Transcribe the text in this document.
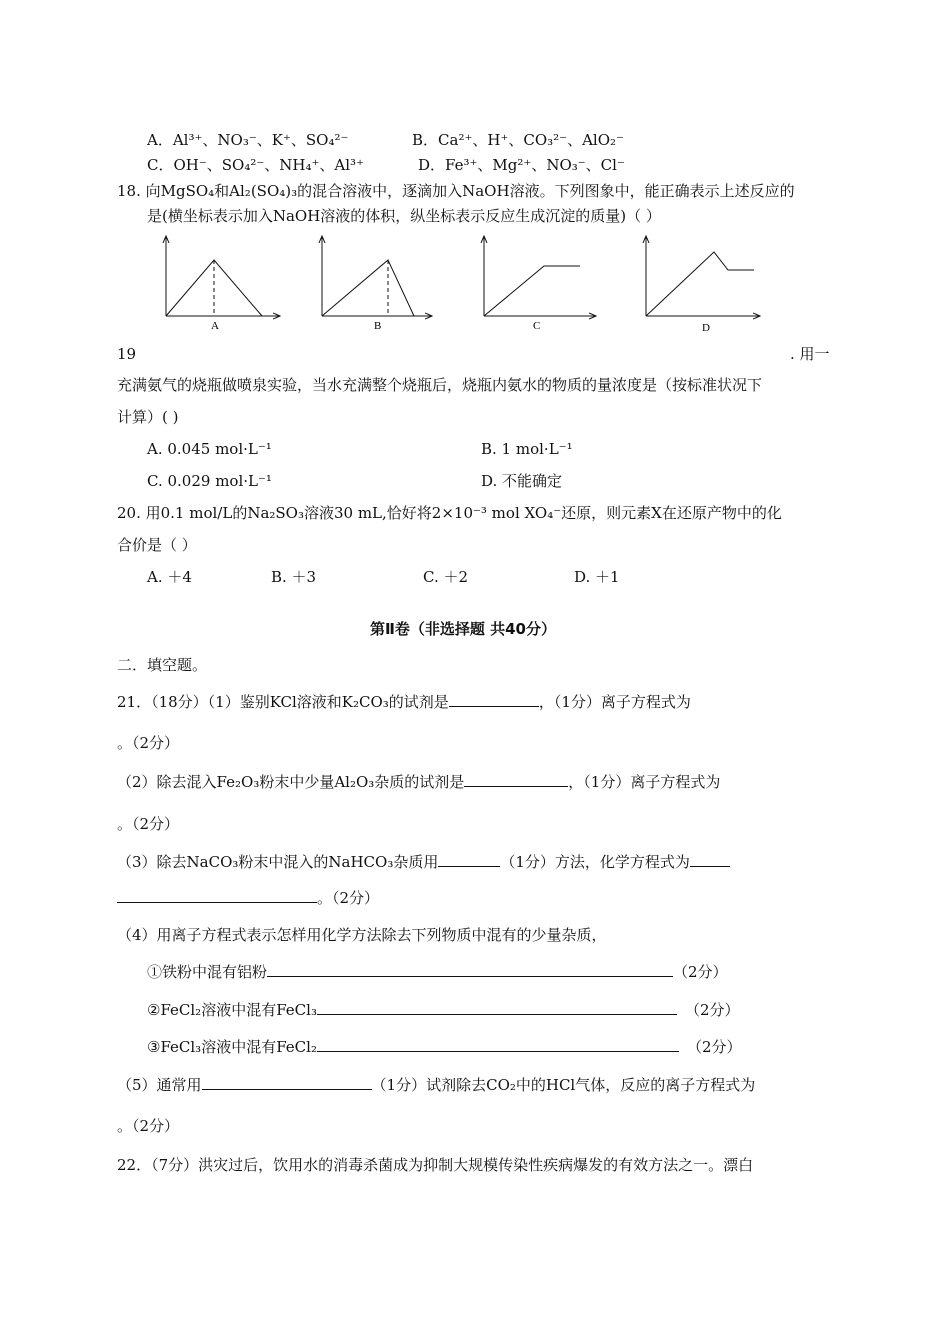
A．Al³⁺、NO₃⁻、K⁺、SO₄²⁻	B．Ca²⁺、H⁺、CO₃²⁻、AlO₂⁻
C．OH⁻、SO₄²⁻、NH₄⁺、Al³⁺	D．Fe³⁺、Mg²⁺、NO₃⁻、Cl⁻
18. 向MgSO₄和Al₂(SO₄)₃的混合溶液中，逐滴加入NaOH溶液。下列图象中，能正确表示上述反应的
是(横坐标表示加入NaOH溶液的体积，纵坐标表示反应生成沉淀的质量)（ ）
A	B	C	D
19	. 用一
充满氨气的烧瓶做喷泉实验，当水充满整个烧瓶后，烧瓶内氨水的物质的量浓度是（按标准状况下
计算）( )
A. 0.045 mol·L⁻¹	B. 1 mol·L⁻¹
C. 0.029 mol·L⁻¹	D. 不能确定
20. 用0.1 mol/L的Na₂SO₃溶液30 mL,恰好将2×10⁻³ mol XO₄⁻还原，则元素X在还原产物中的化
合价是（ ）
A. ＋4	B. ＋3	C. ＋2	D. ＋1
第Ⅱ卷（非选择题 共40分）
二．填空题。
21．（18分）（1）鉴别KCl溶液和K₂CO₃的试剂是	，（1分）离子方程式为
。（2分）
（2）除去混入Fe₂O₃粉末中少量Al₂O₃杂质的试剂是	，（1分）离子方程式为
。（2分）
（3）除去NaCO₃粉末中混入的NaHCO₃杂质用	（1分）方法，化学方程式为
。（2分）
（4）用离子方程式表示怎样用化学方法除去下列物质中混有的少量杂质，
①铁粉中混有铝粉	（2分）
②FeCl₂溶液中混有FeCl₃	（2分）
③FeCl₃溶液中混有FeCl₂	（2分）
（5）通常用	（1分）试剂除去CO₂中的HCl气体，反应的离子方程式为
。（2分）
22．（7分）洪灾过后，饮用水的消毒杀菌成为抑制大规模传染性疾病爆发的有效方法之一。漂白
